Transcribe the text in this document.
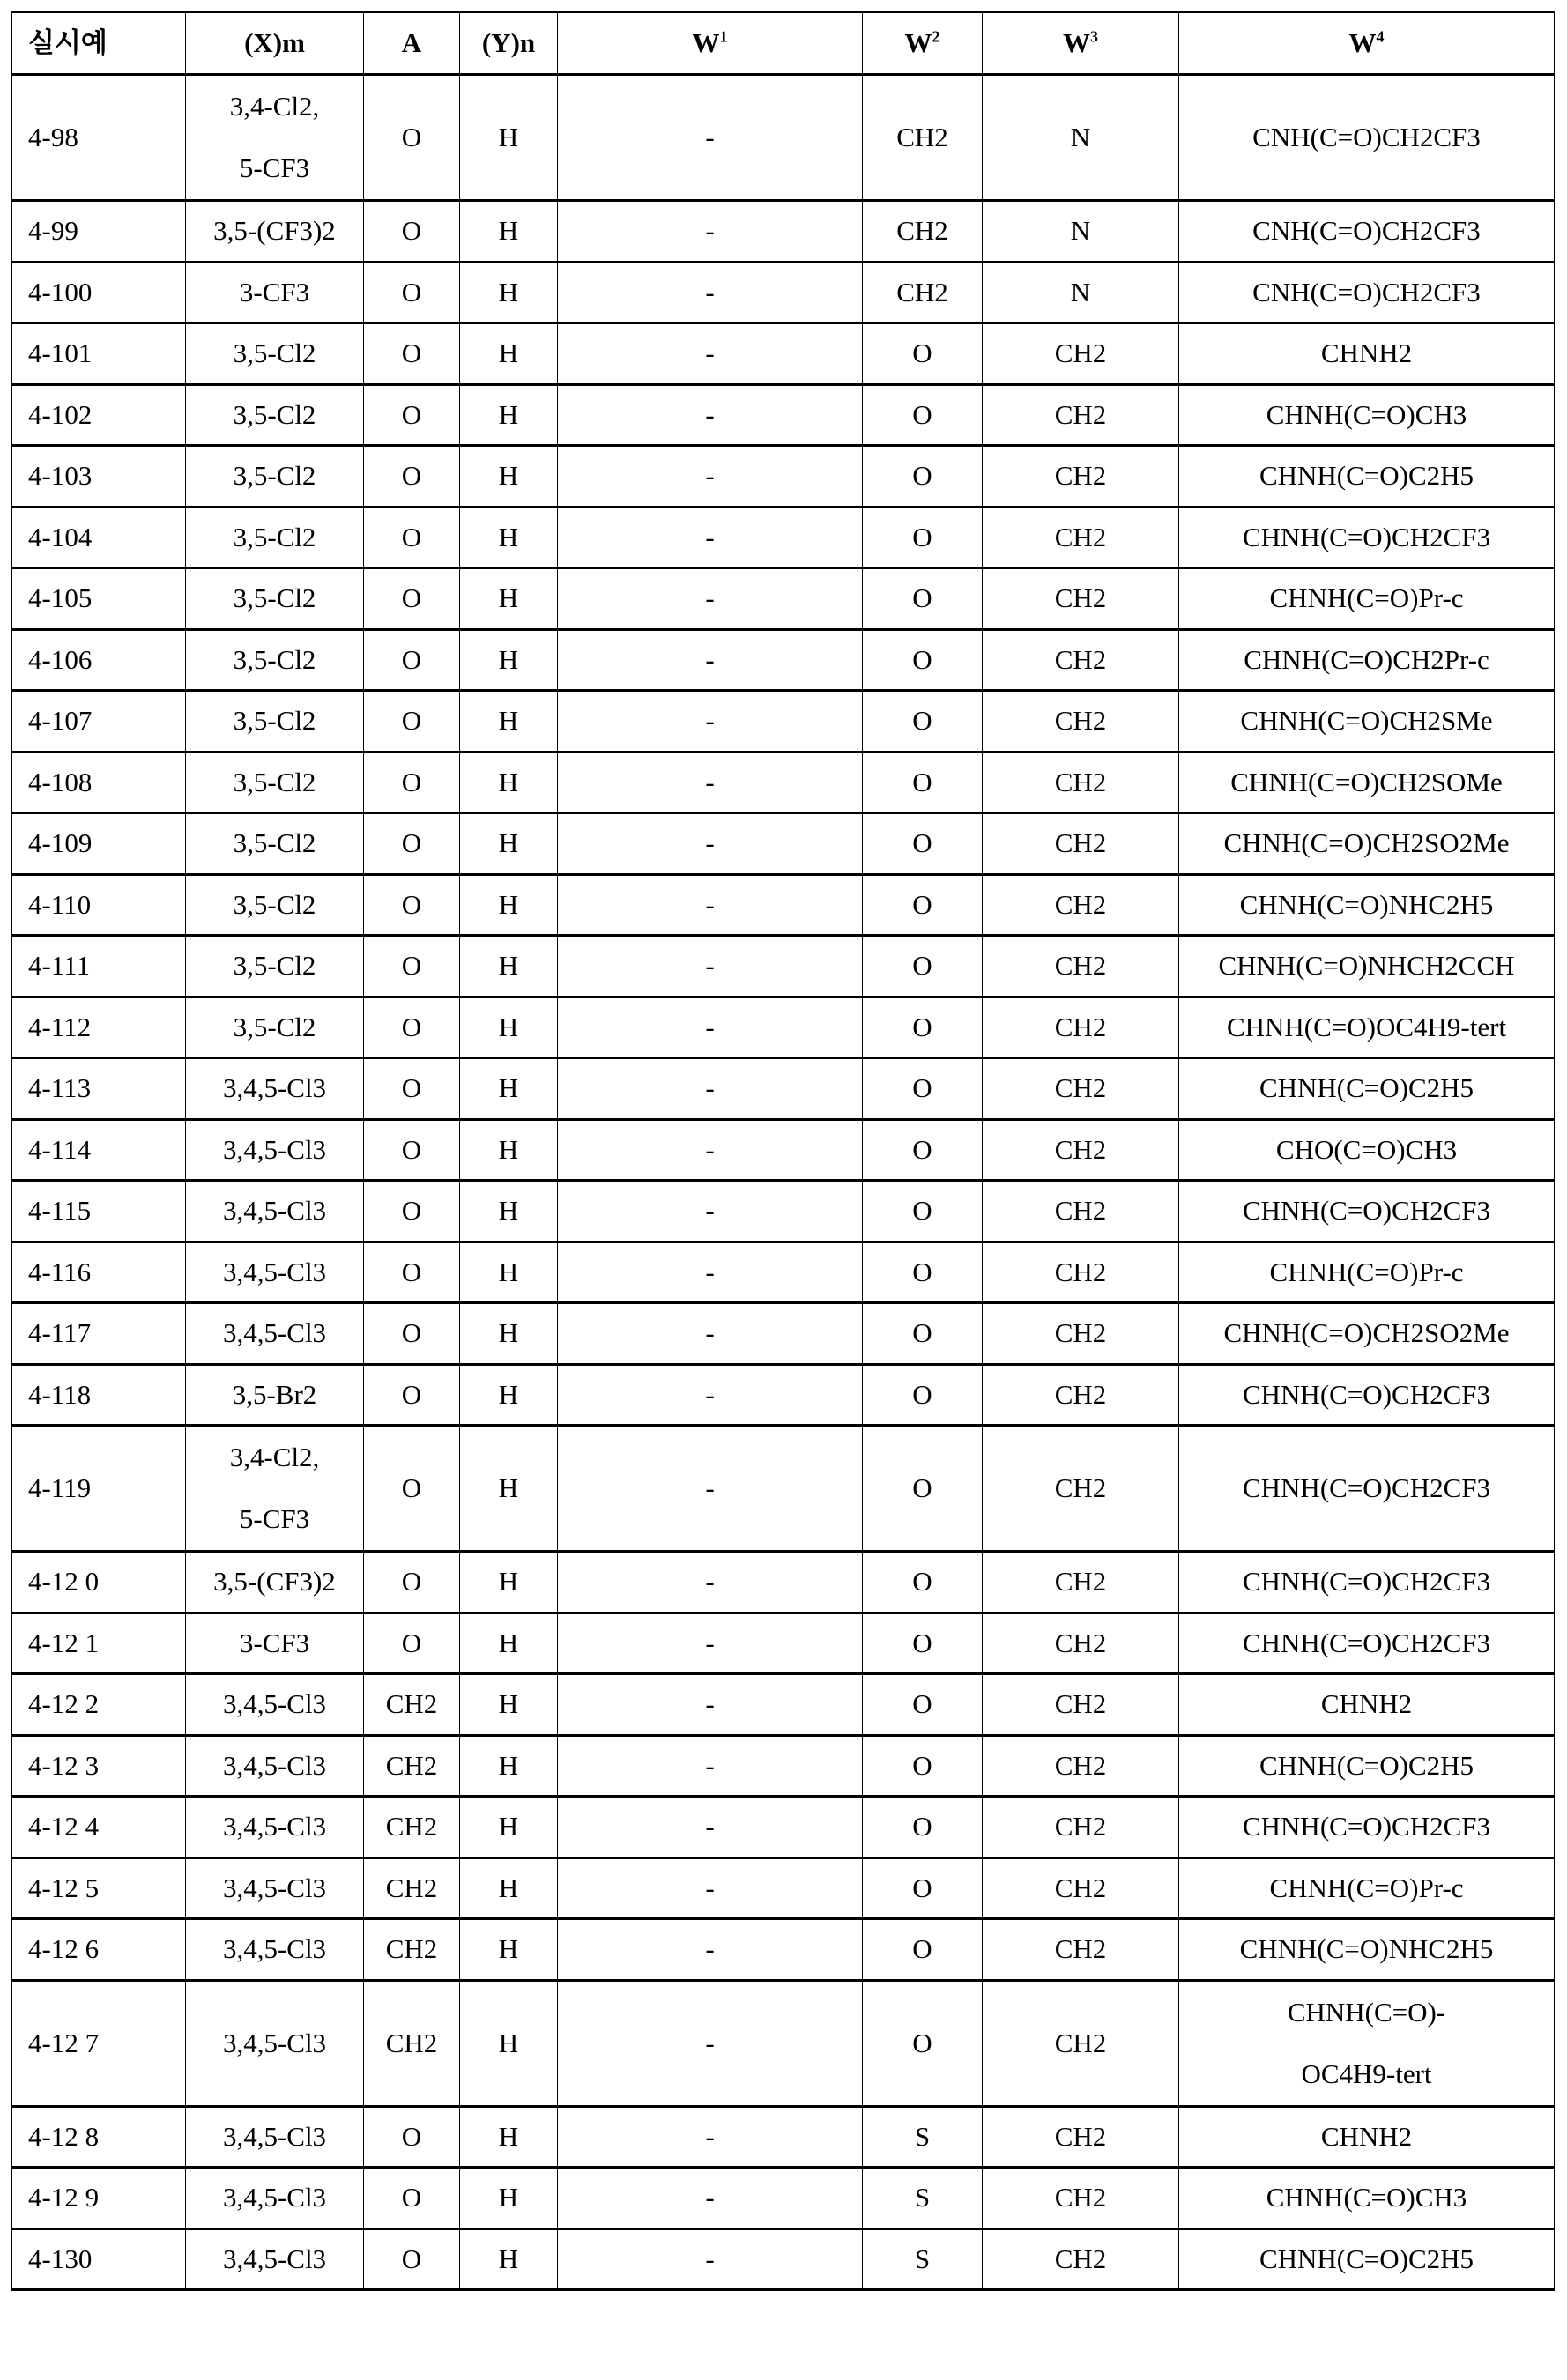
실시예	(X)m	A	(Y)n	W1	W2	W3	W4
4-98	
3,4-Cl2,
5-CF3
	O	H	-	CH2	N	CNH(C=O)CH2CF3

4-99	3,5-(CF3)2	O	H	-	CH2	N	CNH(C=O)CH2CF3

4-100	3-CF3	O	H	-	CH2	N	CNH(C=O)CH2CF3

4-101	3,5-Cl2	O	H	-	O	CH2	CHNH2

4-102	3,5-Cl2	O	H	-	O	CH2	CHNH(C=O)CH3

4-103	3,5-Cl2	O	H	-	O	CH2	CHNH(C=O)C2H5

4-104	3,5-Cl2	O	H	-	O	CH2	CHNH(C=O)CH2CF3

4-105	3,5-Cl2	O	H	-	O	CH2	CHNH(C=O)Pr-c

4-106	3,5-Cl2	O	H	-	O	CH2	CHNH(C=O)CH2Pr-c

4-107	3,5-Cl2	O	H	-	O	CH2	CHNH(C=O)CH2SMe

4-108	3,5-Cl2	O	H	-	O	CH2	CHNH(C=O)CH2SOMe

4-109	3,5-Cl2	O	H	-	O	CH2	CHNH(C=O)CH2SO2Me

4-110	3,5-Cl2	O	H	-	O	CH2	CHNH(C=O)NHC2H5

4-111	3,5-Cl2	O	H	-	O	CH2	CHNH(C=O)NHCH2CCH

4-112	3,5-Cl2	O	H	-	O	CH2	CHNH(C=O)OC4H9-tert

4-113	3,4,5-Cl3	O	H	-	O	CH2	CHNH(C=O)C2H5

4-114	3,4,5-Cl3	O	H	-	O	CH2	CHO(C=O)CH3

4-115	3,4,5-Cl3	O	H	-	O	CH2	CHNH(C=O)CH2CF3

4-116	3,4,5-Cl3	O	H	-	O	CH2	CHNH(C=O)Pr-c

4-117	3,4,5-Cl3	O	H	-	O	CH2	CHNH(C=O)CH2SO2Me

4-118	3,5-Br2	O	H	-	O	CH2	CHNH(C=O)CH2CF3

4-119	
3,4-Cl2,
5-CF3
	O	H	-	O	CH2	CHNH(C=O)CH2CF3

4-12 0	3,5-(CF3)2	O	H	-	O	CH2	CHNH(C=O)CH2CF3

4-12 1	3-CF3	O	H	-	O	CH2	CHNH(C=O)CH2CF3

4-12 2	3,4,5-Cl3	CH2	H	-	O	CH2	CHNH2

4-12 3	3,4,5-Cl3	CH2	H	-	O	CH2	CHNH(C=O)C2H5

4-12 4	3,4,5-Cl3	CH2	H	-	O	CH2	CHNH(C=O)CH2CF3

4-12 5	3,4,5-Cl3	CH2	H	-	O	CH2	CHNH(C=O)Pr-c

4-12 6	3,4,5-Cl3	CH2	H	-	O	CH2	CHNH(C=O)NHC2H5

4-12 7	3,4,5-Cl3	CH2	H	-	O	CH2	
CHNH(C=O)-
OC4H9-tert

4-12 8	3,4,5-Cl3	O	H	-	S	CH2	CHNH2

4-12 9	3,4,5-Cl3	O	H	-	S	CH2	CHNH(C=O)CH3

4-130	3,4,5-Cl3	O	H	-	S	CH2	CHNH(C=O)C2H5
